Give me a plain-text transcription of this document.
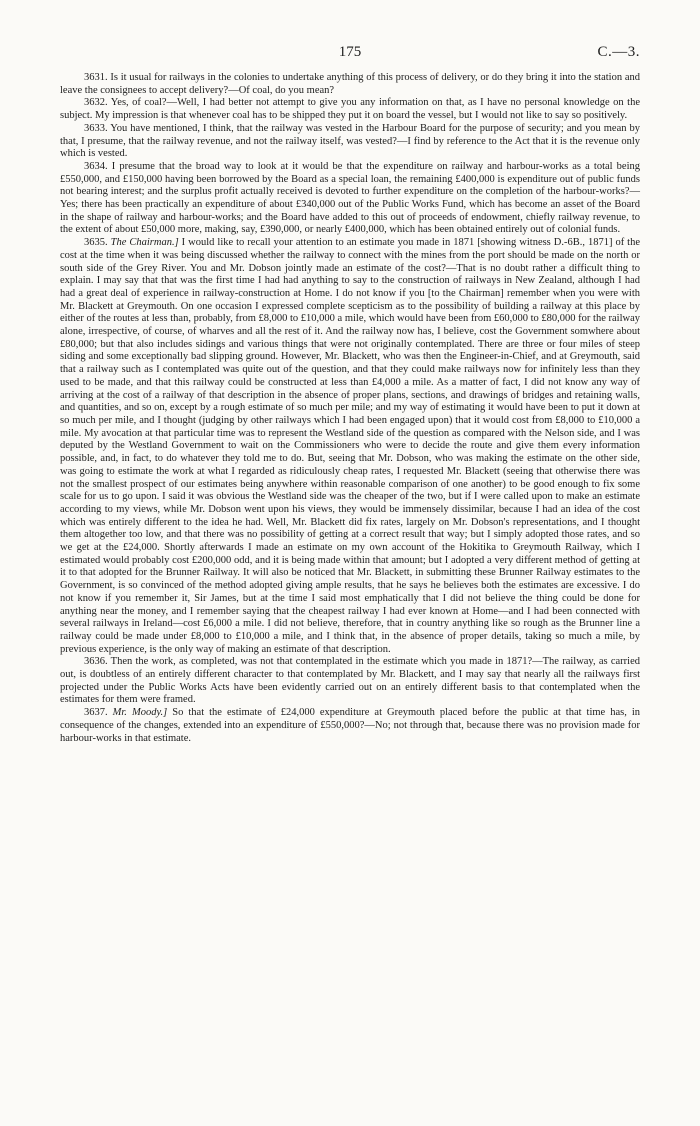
175	C.—3.

3631. Is it usual for railways in the colonies to undertake anything of this process of delivery, or do they bring it into the station and leave the consignees to accept delivery?—Of coal, do you mean?

3632. Yes, of coal?—Well, I had better not attempt to give you any information on that, as I have no personal knowledge on the subject. My impression is that whenever coal has to be shipped they put it on board the vessel, but I would not like to say so positively.

3633. You have mentioned, I think, that the railway was vested in the Harbour Board for the purpose of security; and you mean by that, I presume, that the railway revenue, and not the railway itself, was vested?—I find by reference to the Act that it is the revenue only which is vested.

3634. I presume that the broad way to look at it would be that the expenditure on railway and harbour-works as a total being £550,000, and £150,000 having been borrowed by the Board as a special loan, the remaining £400,000 is expenditure out of public funds not bearing interest; and the surplus profit actually received is devoted to further expenditure on the completion of the harbour-works?—Yes; there has been practically an expenditure of about £340,000 out of the Public Works Fund, which has become an asset of the Board in the shape of railway and harbour-works; and the Board have added to this out of proceeds of endowment, chiefly railway revenue, to the extent of about £50,000 more, making, say, £390,000, or nearly £400,000, which has been obtained entirely out of colonial funds.

3635. The Chairman.] I would like to recall your attention to an estimate you made in 1871 [showing witness D.-6B., 1871] of the cost at the time when it was being discussed whether the railway to connect with the mines from the port should be made on the north or south side of the Grey River. You and Mr. Dobson jointly made an estimate of the cost?—That is no doubt rather a difficult thing to explain. I may say that that was the first time I had had anything to say to the construction of railways in New Zealand, although I had had a great deal of experience in railway-construction at Home. I do not know if you [to the Chairman] remember when you were with Mr. Blackett at Greymouth. On one occasion I expressed complete scepticism as to the possibility of building a railway at this place by either of the routes at less than, probably, from £8,000 to £10,000 a mile, which would have been from £60,000 to £80,000 for the railway alone, irrespective, of course, of wharves and all the rest of it. And the railway now has, I believe, cost the Government somwhere about £80,000; but that also includes sidings and various things that were not originally contemplated. There are three or four miles of steep siding and some exceptionally bad slipping ground. However, Mr. Blackett, who was then the Engineer-in-Chief, and at Greymouth, said that a railway such as I contemplated was quite out of the question, and that they could make railways now for infinitely less than they used to be made, and that this railway could be constructed at less than £4,000 a mile. As a matter of fact, I did not know any way of arriving at the cost of a railway of that description in the absence of proper plans, sections, and drawings of bridges and retaining walls, and quantities, and so on, except by a rough estimate of so much per mile; and my way of estimating it would have been to put it down at so much per mile, and I thought (judging by other railways which I had been engaged upon) that it would cost from £8,000 to £10,000 a mile. My avocation at that particular time was to represent the Westland side of the question as compared with the Nelson side, and I was deputed by the Westland Government to wait on the Commissioners who were to decide the route and give them every information possible, and, in fact, to do whatever they told me to do. But, seeing that Mr. Dobson, who was making the estimate on the other side, was going to estimate the work at what I regarded as ridiculously cheap rates, I requested Mr. Blackett (seeing that otherwise there was not the smallest prospect of our estimates being anywhere within reasonable comparison of one another) to be good enough to fix some scale for us to go upon. I said it was obvious the Westland side was the cheaper of the two, but if I were called upon to make an estimate according to my views, while Mr. Dobson went upon his views, they would be immensely dissimilar, because I had an idea of the cost which was entirely different to the idea he had. Well, Mr. Blackett did fix rates, largely on Mr. Dobson's representations, and I thought them altogether too low, and that there was no possibility of getting at a correct result that way; but I simply adopted those rates, and so we get at the £24,000. Shortly afterwards I made an estimate on my own account of the Hokitika to Greymouth Railway, which I estimated would probably cost £200,000 odd, and it is being made within that amount; but I adopted a very different method of getting at it to that adopted for the Brunner Railway. It will also be noticed that Mr. Blackett, in submitting these Brunner Railway estimates to the Government, is so convinced of the method adopted giving ample results, that he says he believes both the estimates are excessive. I do not know if you remember it, Sir James, but at the time I said most emphatically that I did not believe the thing could be done for anything near the money, and I remember saying that the cheapest railway I had ever known at Home—and I had been connected with several railways in Ireland—cost £6,000 a mile. I did not believe, therefore, that in country anything like so rough as the Brunner line a railway could be made under £8,000 to £10,000 a mile, and I think that, in the absence of proper details, taking so much a mile, by previous experience, is the only way of making an estimate of that description.

3636. Then the work, as completed, was not that contemplated in the estimate which you made in 1871?—The railway, as carried out, is doubtless of an entirely different character to that contemplated by Mr. Blackett, and I may say that nearly all the railways first projected under the Public Works Acts have been evidently carried out on an entirely different basis to that contemplated when the estimates for them were framed.

3637. Mr. Moody.] So that the estimate of £24,000 expenditure at Greymouth placed before the public at that time has, in consequence of the changes, extended into an expenditure of £550,000?—No; not through that, because there was no provision made for harbour-works in that estimate.
